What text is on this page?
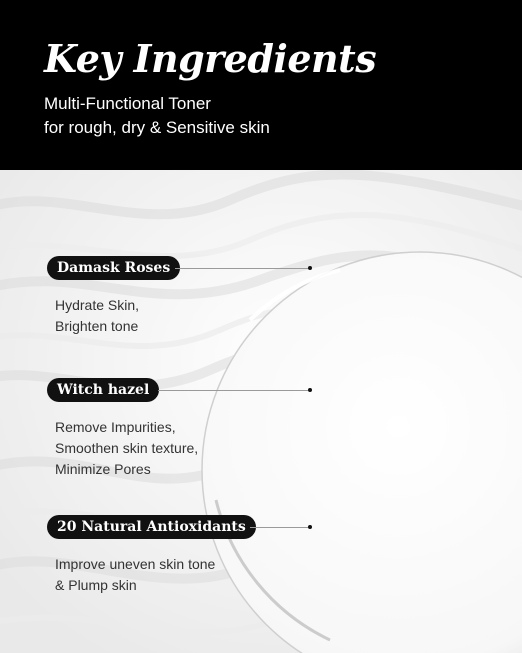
Key Ingredients

Multi-Functional Toner
for rough, dry & Sensitive skin

Damask Roses

Hydrate Skin,
Brighten tone

Witch hazel

Remove Impurities,
Smoothen skin texture,
Minimize Pores

20 Natural Antioxidants

Improve uneven skin tone
& Plump skin
